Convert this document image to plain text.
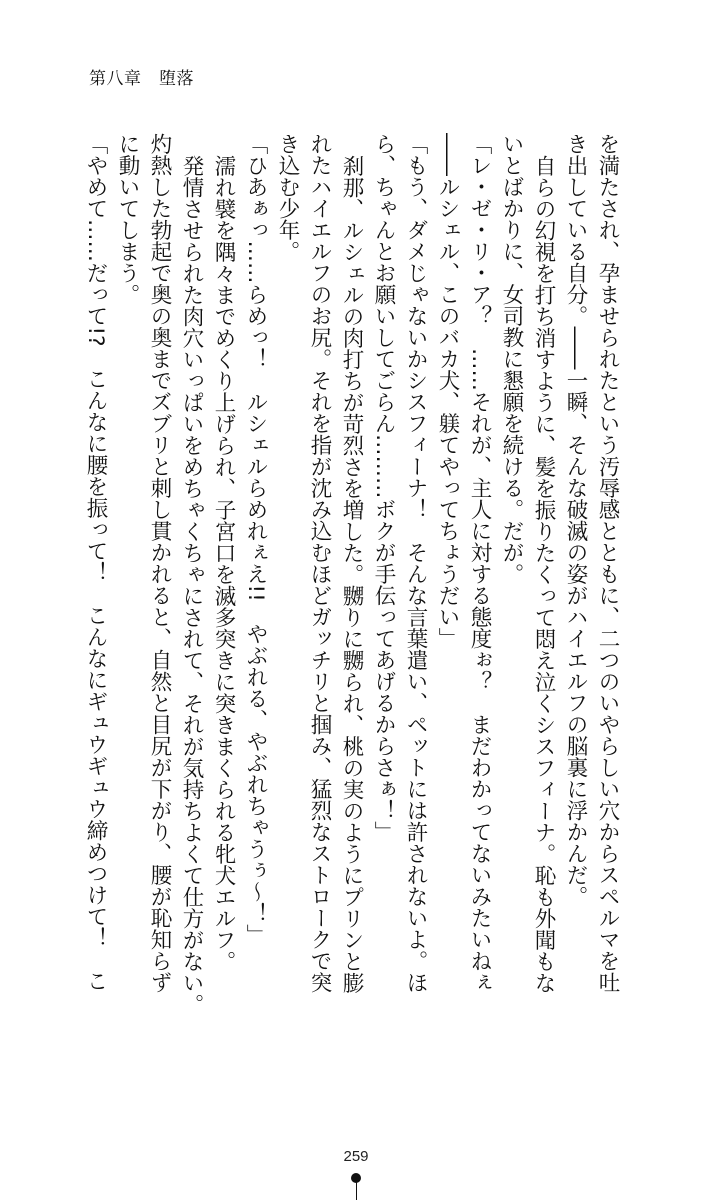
第八章　堕落
を満たされ、孕ませられたという汚辱感とともに、二つのいやらしい穴からスペルマを吐
き出している自分。――一瞬、そんな破滅の姿がハイエルフの脳裏に浮かんだ。
自らの幻視を打ち消すように、髪を振りたくって悶え泣くシスフィーナ。恥も外聞もな
いとばかりに、女司教に懇願を続ける。だが。
「レ・ゼ・リ・ア？　……それが、主人に対する態度ぉ？　まだわかってないみたいねぇ
――ルシェル、このバカ犬、躾てやってちょうだい」
「もう、ダメじゃないかシスフィーナ！　そんな言葉遣い、ペットには許されないよ。ほ
ら、ちゃんとお願いしてごらん………ボクが手伝ってあげるからさぁ！」
刹那、ルシェルの肉打ちが苛烈さを増した。嬲りに嬲られ、桃の実のようにプリンと膨
れたハイエルフのお尻。それを指が沈み込むほどガッチリと掴み、猛烈なストロークで突
き込む少年。
「ひあぁっ……らめっ！　ルシェルらめれぇえ!!　やぶれる、やぶれちゃうぅ～！」
濡れ襞を隅々までめくり上げられ、子宮口を滅多突きに突きまくられる牝犬エルフ。
発情させられた肉穴いっぱいをめちゃくちゃにされて、それが気持ちよくて仕方がない。
灼熱した勃起で奥の奥までズブリと刺し貫かれると、自然と目尻が下がり、腰が恥知らず
に動いてしまう。
「やめて……だって!?　こんなに腰を振って！　こんなにギュウギュウ締めつけて！　こ
259
